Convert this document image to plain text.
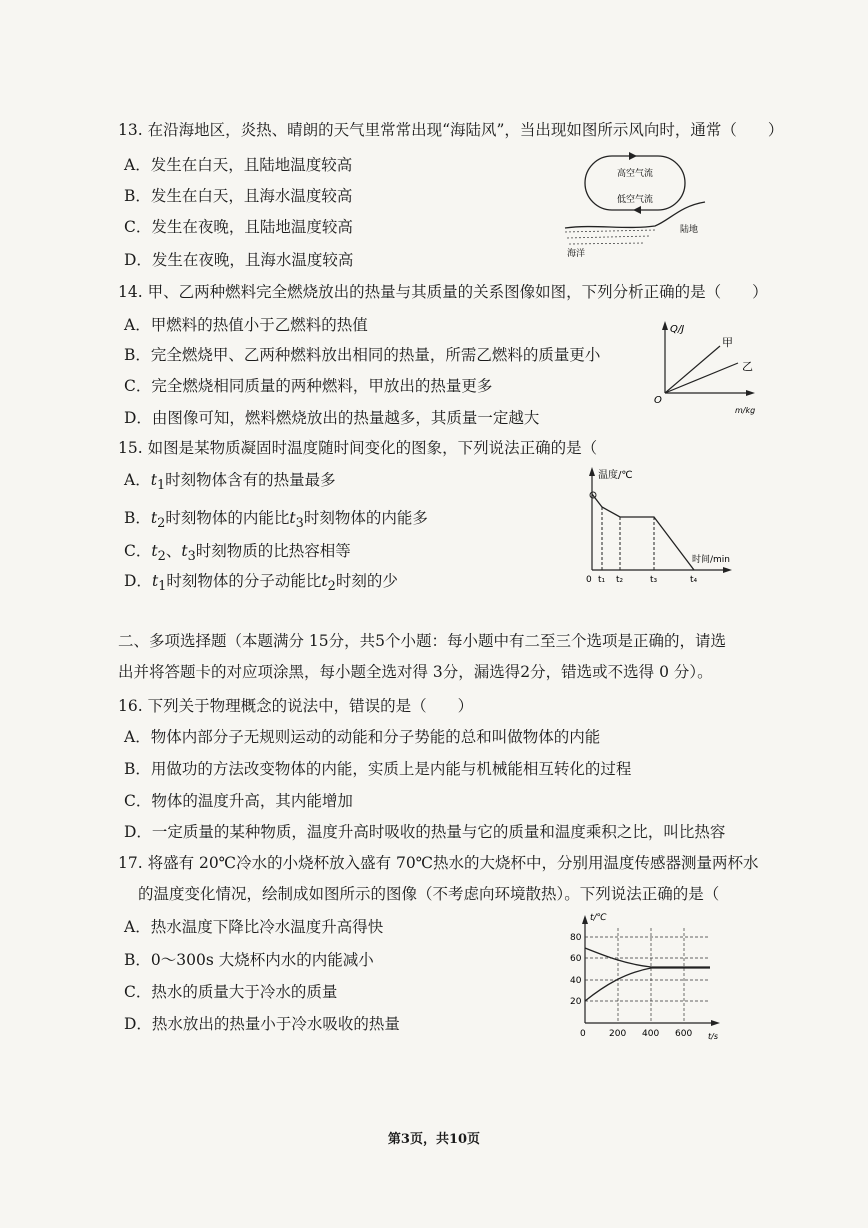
13. 在沿海地区，炎热、晴朗的天气里常常出现“海陆风”，当出现如图所示风向时，通常（　　）
A．发生在白天，且陆地温度较高
B．发生在白天，且海水温度较高
C．发生在夜晚，且陆地温度较高
D．发生在夜晚，且海水温度较高
高空气流
低空气流
陆地
海洋
14. 甲、乙两种燃料完全燃烧放出的热量与其质量的关系图像如图，下列分析正确的是（　　）
A．甲燃料的热值小于乙燃料的热值
B．完全燃烧甲、乙两种燃料放出相同的热量，所需乙燃料的质量更小
C．完全燃烧相同质量的两种燃料，甲放出的热量更多
D．由图像可知，燃料燃烧放出的热量越多，其质量一定越大
Q/J
m/kg
O
甲
乙
15. 如图是某物质凝固时温度随时间变化的图象，下列说法正确的是（
A．$t_1$时刻物体含有的热量最多
B．$t_2$时刻物体的内能比$t_3$时刻物体的内能多
C．$t_2$、$t_3$时刻物质的比热容相等
D．$t_1$时刻物体的分子动能比$t_2$时刻的少
温度/℃
时间/min
0 t₁ t₂	t₃	t₄
二、多项选择题（本题满分 15分，共5个小题：每小题中有二至三个选项是正确的，请选
出并将答题卡的对应项涂黑，每小题全选对得 3分，漏选得2分，错选或不选得 0 分）。
16. 下列关于物理概念的说法中，错误的是（　　）
A．物体内部分子无规则运动的动能和分子势能的总和叫做物体的内能
B．用做功的方法改变物体的内能，实质上是内能与机械能相互转化的过程
C．物体的温度升高，其内能增加
D．一定质量的某种物质，温度升高时吸收的热量与它的质量和温度乘积之比，叫比热容
17. 将盛有 20℃冷水的小烧杯放入盛有 70℃热水的大烧杯中，分别用温度传感器测量两杯水
的温度变化情况，绘制成如图所示的图像（不考虑向环境散热）。下列说法正确的是（
A．热水温度下降比冷水温度升高得快
B．0～300s 大烧杯内水的内能减小
C．热水的质量大于冷水的质量
D．热水放出的热量小于冷水吸收的热量
t/℃
t/s
20
40
60
80
0	200 400 600
第3页，共10页
